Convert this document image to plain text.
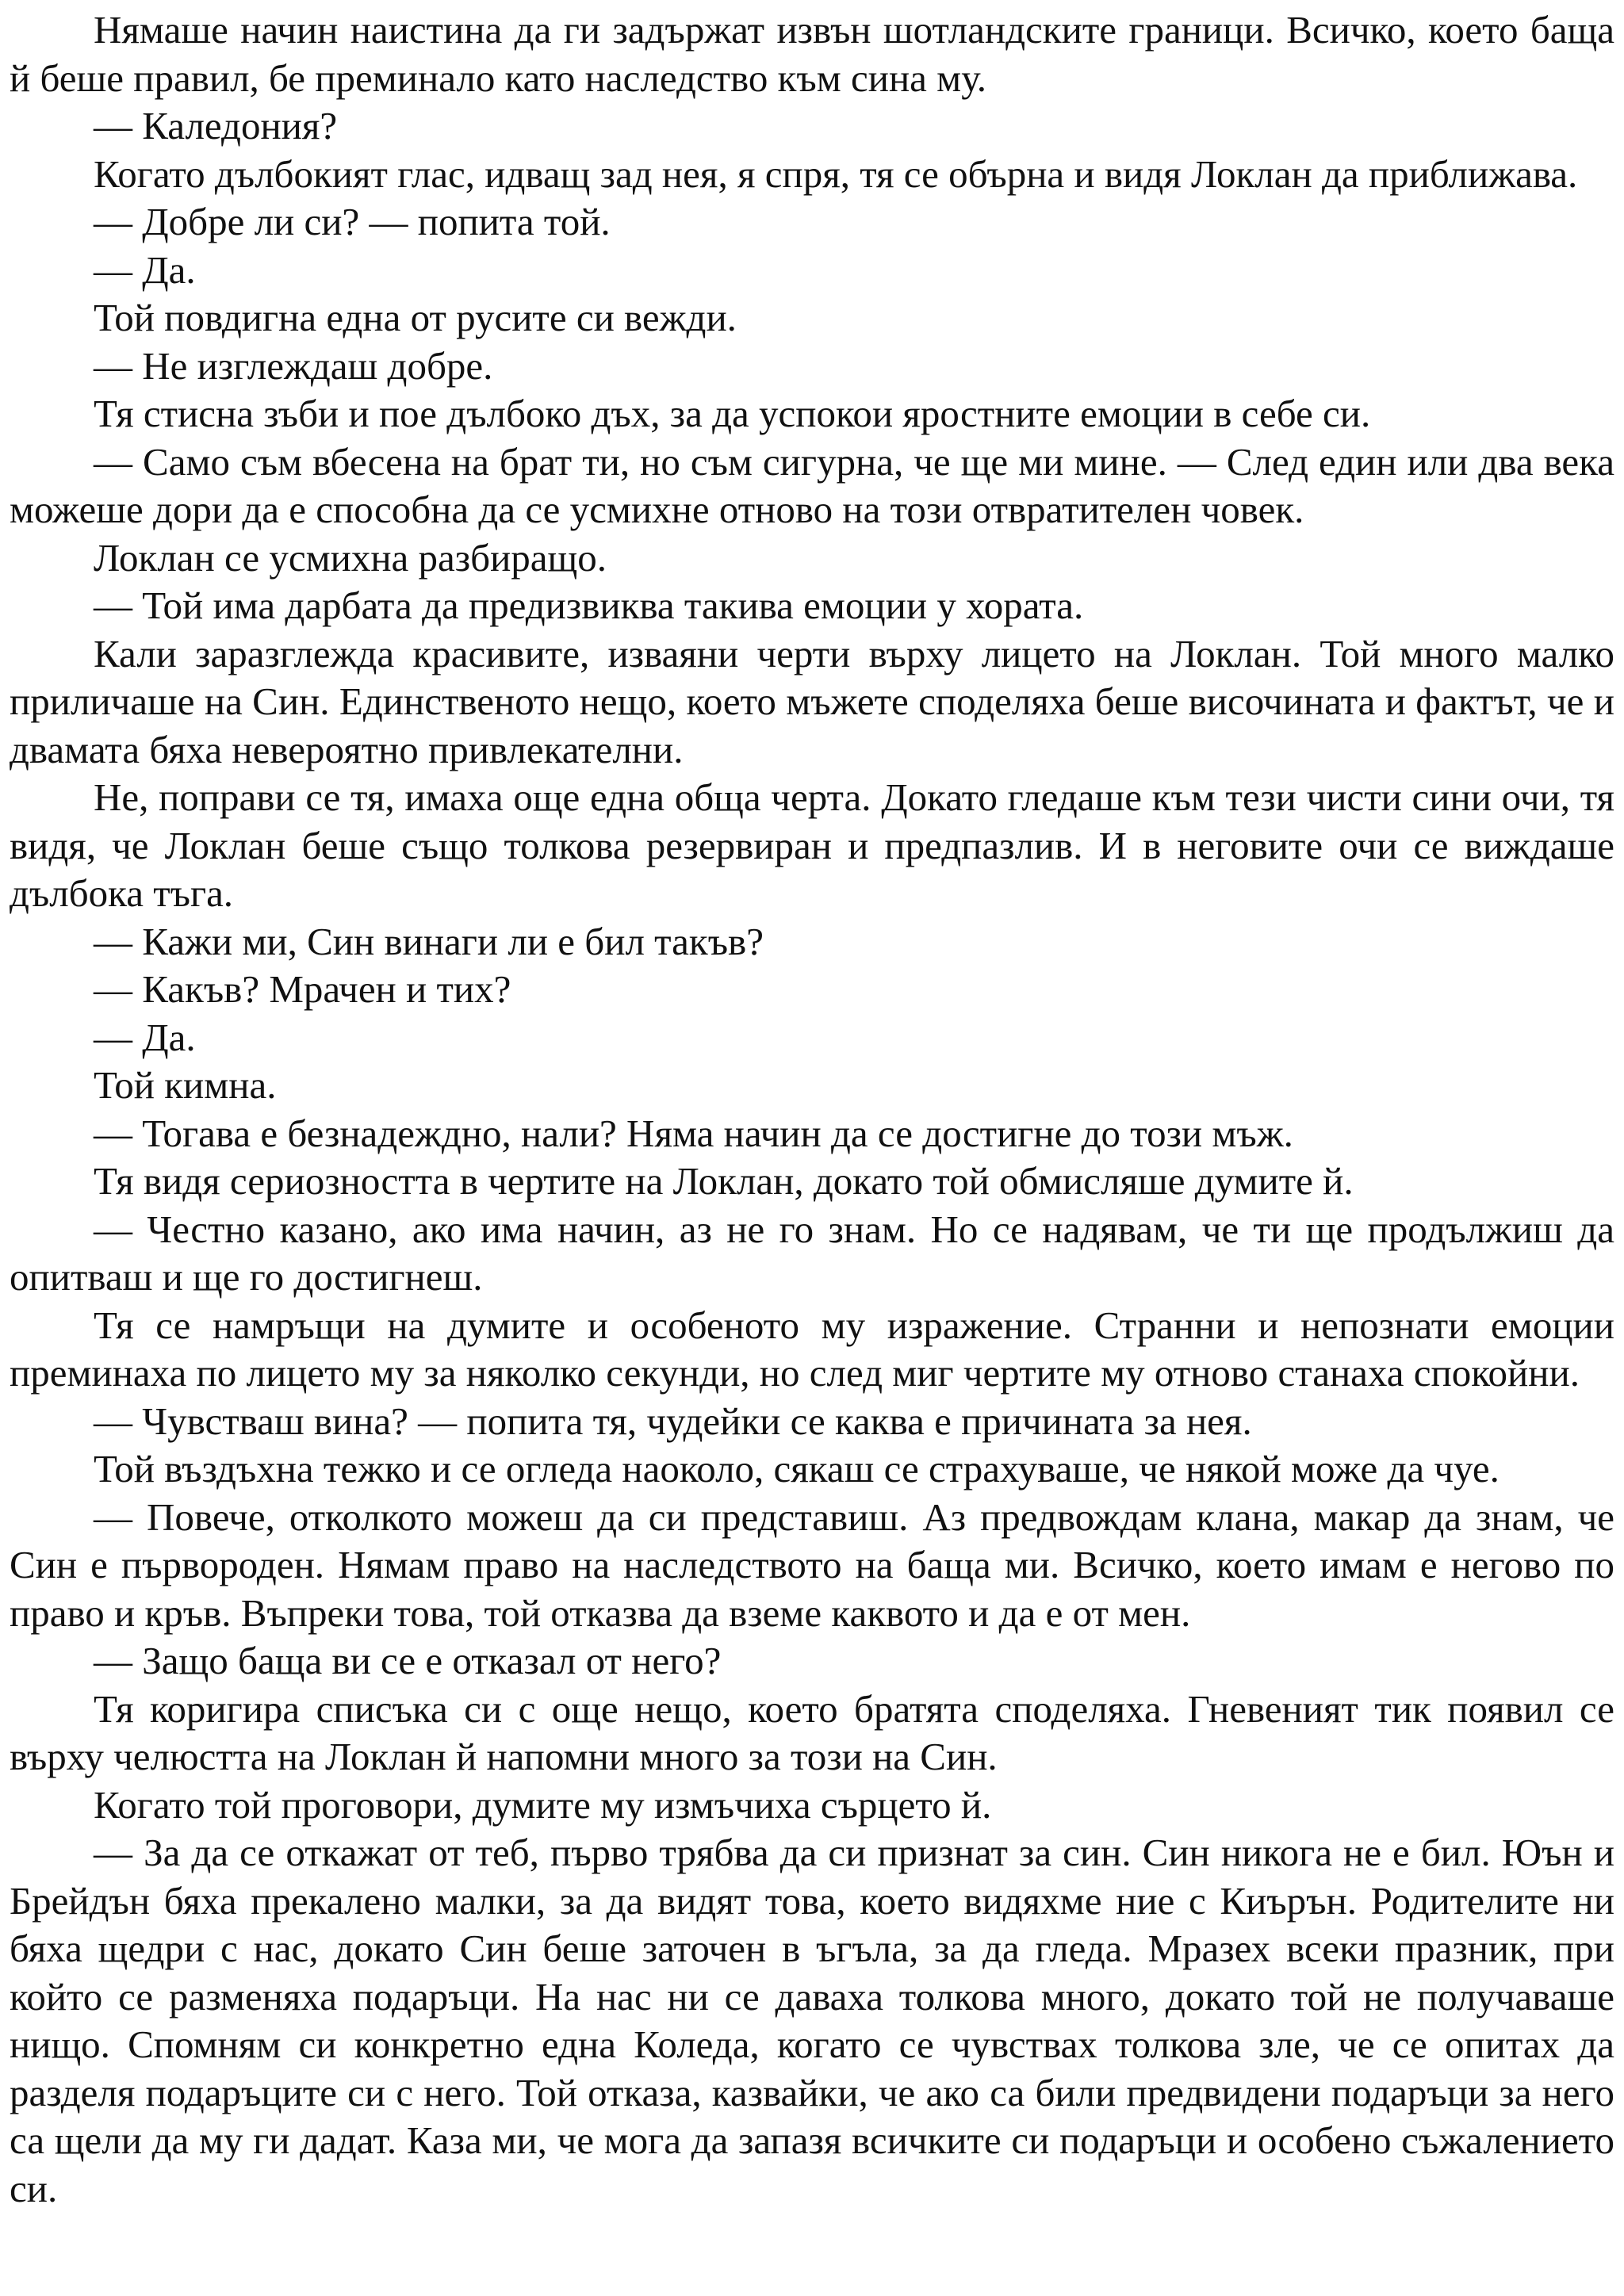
Нямаше начин наистина да ги задържат извън шотландските граници. Всичко, което баща й беше правил, бе преминало като наследство към сина му.

— Каледония?

Когато дълбокият глас, идващ зад нея, я спря, тя се обърна и видя Локлан да приближава.

— Добре ли си? — попита той.

— Да.

Той повдигна една от русите си вежди.

— Не изглеждаш добре.

Тя стисна зъби и пое дълбоко дъх, за да успокои яростните емоции в себе си.

— Само съм вбесена на брат ти, но съм сигурна, че ще ми мине. — След един или два века можеше дори да е способна да се усмихне отново на този отвратителен човек.

Локлан се усмихна разбиращо.

— Той има дарбата да предизвиква такива емоции у хората.

Кали заразглежда красивите, изваяни черти върху лицето на Локлан. Той много малко приличаше на Син. Единственото нещо, което мъжете споделяха беше височината и фактът, че и двамата бяха невероятно привлекателни.

Не, поправи се тя, имаха още една обща черта. Докато гледаше към тези чисти сини очи, тя видя, че Локлан беше също толкова резервиран и предпазлив. И в неговите очи се виждаше дълбока тъга.

— Кажи ми, Син винаги ли е бил такъв?

— Какъв? Мрачен и тих?

— Да.

Той кимна.

— Тогава е безнадеждно, нали? Няма начин да се достигне до този мъж.

Тя видя сериозността в чертите на Локлан, докато той обмисляше думите й.

— Честно казано, ако има начин, аз не го знам. Но се надявам, че ти ще продължиш да опитваш и ще го достигнеш.

Тя се намръщи на думите и особеното му изражение. Странни и непознати емоции преминаха по лицето му за няколко секунди, но след миг чертите му отново станаха спокойни.

— Чувстваш вина? — попита тя, чудейки се каква е причината за нея.

Той въздъхна тежко и се огледа наоколо, сякаш се страхуваше, че някой може да чуе.

— Повече, отколкото можеш да си представиш. Аз предвождам клана, макар да знам, че Син е първороден. Нямам право на наследството на баща ми. Всичко, което имам е негово по право и кръв. Въпреки това, той отказва да вземе каквото и да е от мен.

— Защо баща ви се е отказал от него?

Тя коригира списъка си с още нещо, което братята споделяха. Гневеният тик появил се върху челюстта на Локлан й напомни много за този на Син.

Когато той проговори, думите му измъчиха сърцето й.

— За да се откажат от теб, първо трябва да си признат за син. Син никога не е бил. Юън и Брейдън бяха прекалено малки, за да видят това, което видяхме ние с Киърън. Родителите ни бяха щедри с нас, докато Син беше заточен в ъгъла, за да гледа. Мразех всеки празник, при който се разменяха подаръци. На нас ни се даваха толкова много, докато той не получаваше нищо. Спомням си конкретно една Коледа, когато се чувствах толкова зле, че се опитах да разделя подаръците си с него. Той отказа, казвайки, че ако са били предвидени подаръци за него са щели да му ги дадат. Каза ми, че мога да запазя всичките си подаръци и особено съжалението си.
